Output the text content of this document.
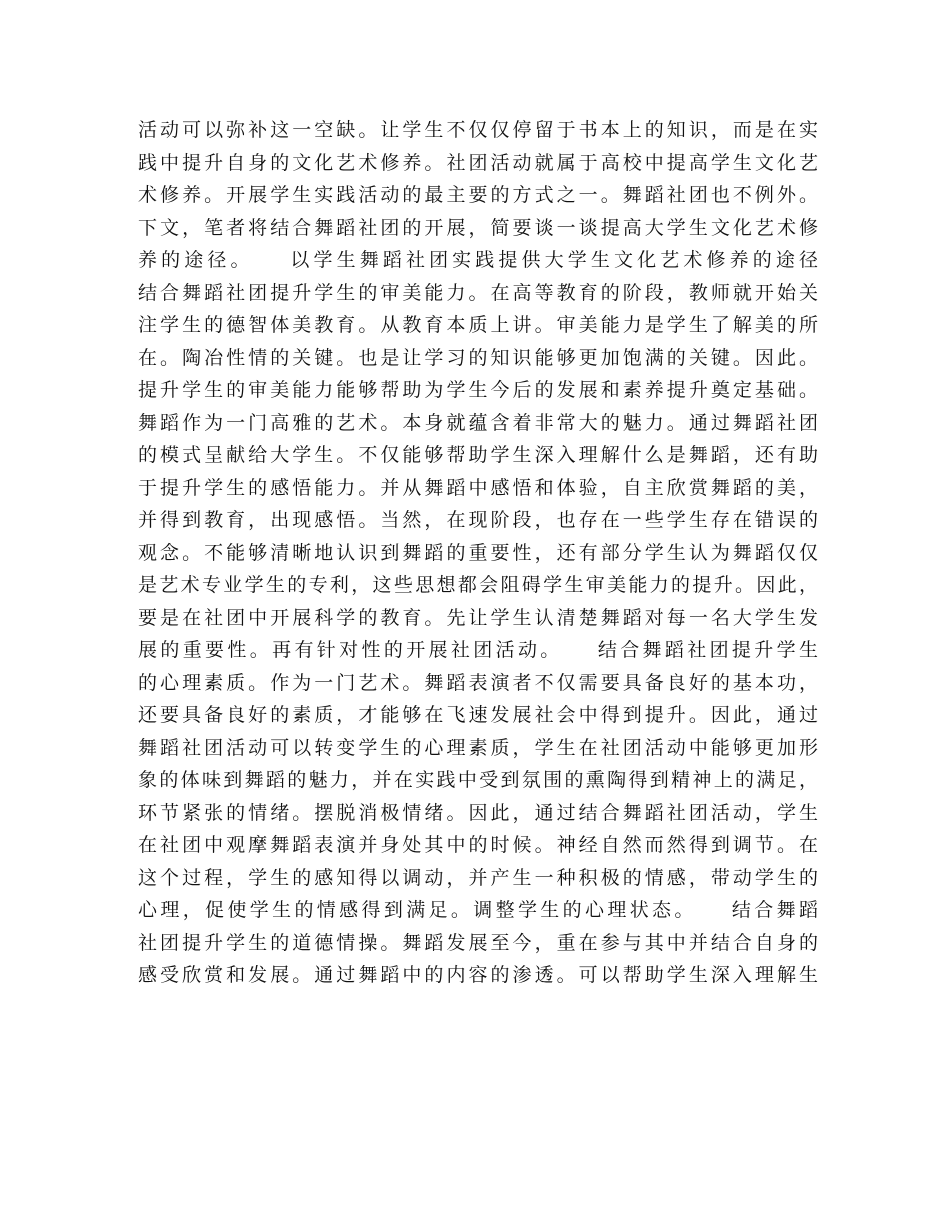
活动可以弥补这一空缺。让学生不仅仅停留于书本上的知识，而是在实
践中提升自身的文化艺术修养。社团活动就属于高校中提高学生文化艺
术修养。开展学生实践活动的最主要的方式之一。舞蹈社团也不例外。
下文，笔者将结合舞蹈社团的开展，简要谈一谈提高大学生文化艺术修
养的途径。　　以学生舞蹈社团实践提供大学生文化艺术修养的途径
结合舞蹈社团提升学生的审美能力。在高等教育的阶段，教师就开始关
注学生的德智体美教育。从教育本质上讲。审美能力是学生了解美的所
在。陶冶性情的关键。也是让学习的知识能够更加饱满的关键。因此。
提升学生的审美能力能够帮助为学生今后的发展和素养提升奠定基础。
舞蹈作为一门高雅的艺术。本身就蕴含着非常大的魅力。通过舞蹈社团
的模式呈献给大学生。不仅能够帮助学生深入理解什么是舞蹈，还有助
于提升学生的感悟能力。并从舞蹈中感悟和体验，自主欣赏舞蹈的美，
并得到教育，出现感悟。当然，在现阶段，也存在一些学生存在错误的
观念。不能够清晰地认识到舞蹈的重要性，还有部分学生认为舞蹈仅仅
是艺术专业学生的专利，这些思想都会阻碍学生审美能力的提升。因此，
要是在社团中开展科学的教育。先让学生认清楚舞蹈对每一名大学生发
展的重要性。再有针对性的开展社团活动。　　结合舞蹈社团提升学生
的心理素质。作为一门艺术。舞蹈表演者不仅需要具备良好的基本功，
还要具备良好的素质，才能够在飞速发展社会中得到提升。因此，通过
舞蹈社团活动可以转变学生的心理素质，学生在社团活动中能够更加形
象的体味到舞蹈的魅力，并在实践中受到氛围的熏陶得到精神上的满足，
环节紧张的情绪。摆脱消极情绪。因此，通过结合舞蹈社团活动，学生
在社团中观摩舞蹈表演并身处其中的时候。神经自然而然得到调节。在
这个过程，学生的感知得以调动，并产生一种积极的情感，带动学生的
心理，促使学生的情感得到满足。调整学生的心理状态。　　结合舞蹈
社团提升学生的道德情操。舞蹈发展至今，重在参与其中并结合自身的
感受欣赏和发展。通过舞蹈中的内容的渗透。可以帮助学生深入理解生
